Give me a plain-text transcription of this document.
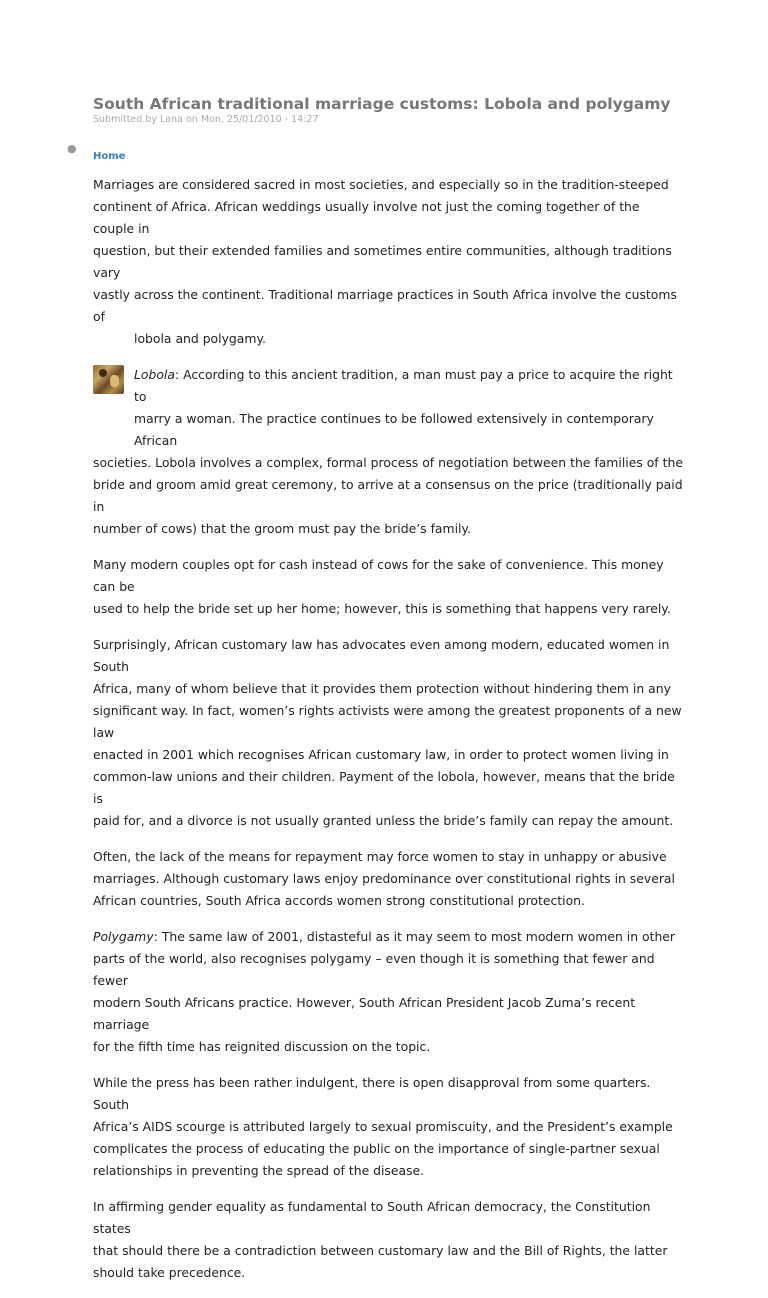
South African traditional marriage customs: Lobola and polygamy
Submitted by Lana on Mon, 25/01/2010 - 14:27
●
Home

Marriages are considered sacred in most societies, and especially so in the tradition-steeped
continent of Africa. African weddings usually involve not just the coming together of the couple in
question, but their extended families and sometimes entire communities, although traditions vary
vastly across the continent. Traditional marriage practices in South Africa involve the customs of

lobola and polygamy.

Lobola: According to this ancient tradition, a man must pay a price to acquire the right to
marry a woman. The practice continues to be followed extensively in contemporary African
societies. Lobola involves a complex, formal process of negotiation between the families of the
bride and groom amid great ceremony, to arrive at a consensus on the price (traditionally paid in
number of cows) that the groom must pay the bride’s family.

Many modern couples opt for cash instead of cows for the sake of convenience. This money can be
used to help the bride set up her home; however, this is something that happens very rarely.

Surprisingly, African customary law has advocates even among modern, educated women in South
Africa, many of whom believe that it provides them protection without hindering them in any
significant way. In fact, women’s rights activists were among the greatest proponents of a new law
enacted in 2001 which recognises African customary law, in order to protect women living in
common-law unions and their children. Payment of the lobola, however, means that the bride is
paid for, and a divorce is not usually granted unless the bride’s family can repay the amount.

Often, the lack of the means for repayment may force women to stay in unhappy or abusive
marriages. Although customary laws enjoy predominance over constitutional rights in several
African countries, South Africa accords women strong constitutional protection.

Polygamy: The same law of 2001, distasteful as it may seem to most modern women in other
parts of the world, also recognises polygamy – even though it is something that fewer and fewer
modern South Africans practice. However, South African President Jacob Zuma’s recent marriage
for the fifth time has reignited discussion on the topic.

While the press has been rather indulgent, there is open disapproval from some quarters. South
Africa’s AIDS scourge is attributed largely to sexual promiscuity, and the President’s example
complicates the process of educating the public on the importance of single-partner sexual
relationships in preventing the spread of the disease.

In affirming gender equality as fundamental to South African democracy, the Constitution states
that should there be a contradiction between customary law and the Bill of Rights, the latter
should take precedence.
